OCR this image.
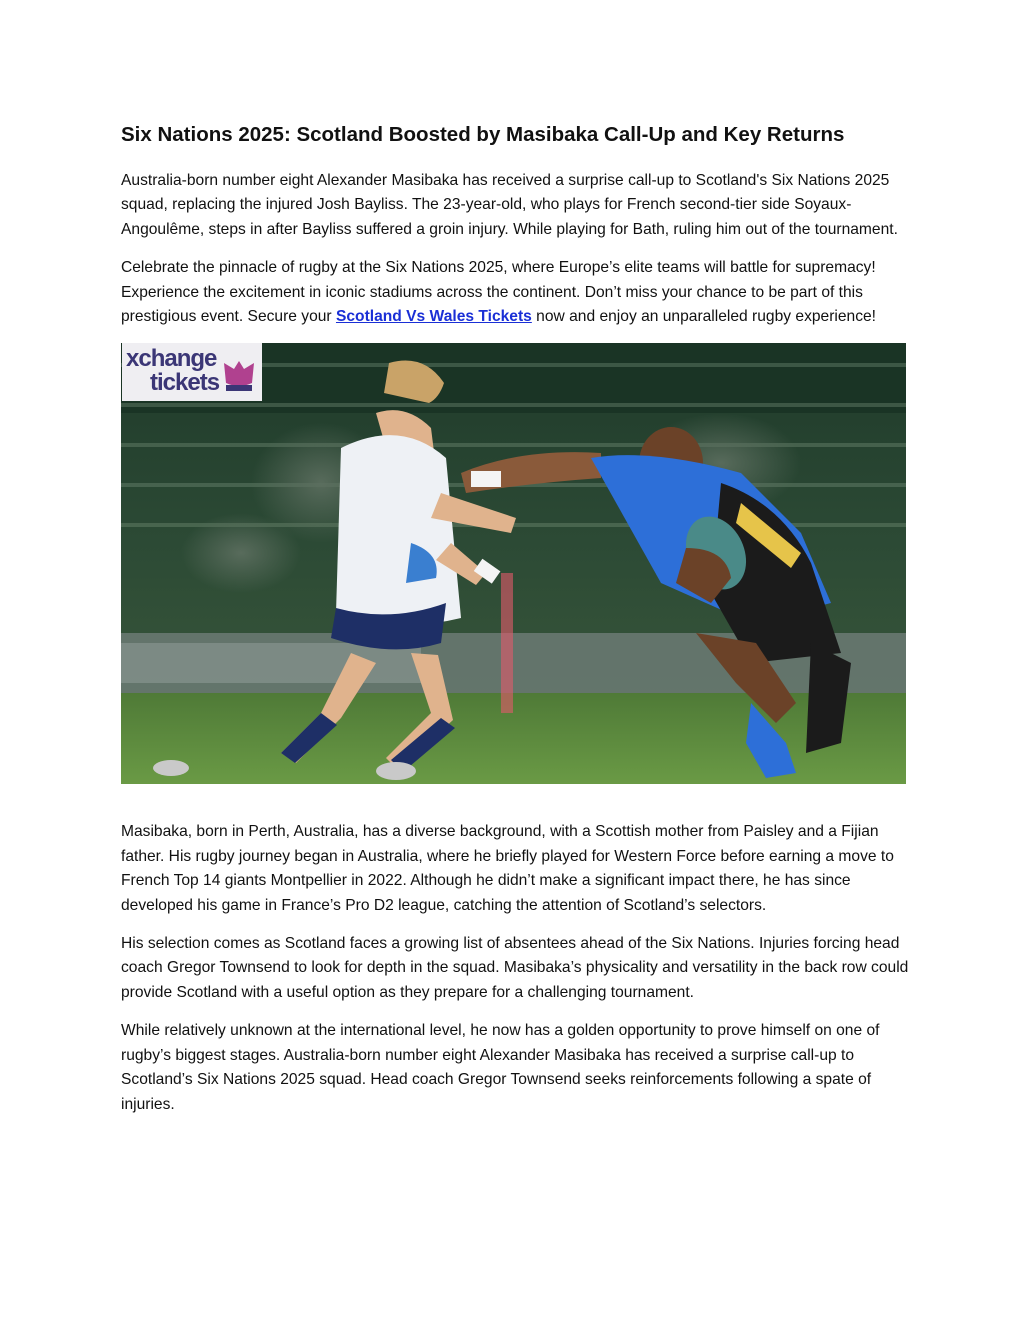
Six Nations 2025: Scotland Boosted by Masibaka Call-Up and Key Returns

Australia-born number eight Alexander Masibaka has received a surprise call-up to Scotland's Six Nations 2025 squad, replacing the injured Josh Bayliss. The 23-year-old, who plays for French second-tier side Soyaux-Angoulême, steps in after Bayliss suffered a groin injury. While playing for Bath, ruling him out of the tournament.

Celebrate the pinnacle of rugby at the Six Nations 2025, where Europe’s elite teams will battle for supremacy! Experience the excitement in iconic stadiums across the continent. Don’t miss your chance to be part of this prestigious event. Secure your Scotland Vs Wales Tickets now and enjoy an unparalleled rugby experience!

xchange
tickets

Masibaka, born in Perth, Australia, has a diverse background, with a Scottish mother from Paisley and a Fijian father. His rugby journey began in Australia, where he briefly played for Western Force before earning a move to French Top 14 giants Montpellier in 2022. Although he didn’t make a significant impact there, he has since developed his game in France’s Pro D2 league, catching the attention of Scotland’s selectors.

His selection comes as Scotland faces a growing list of absentees ahead of the Six Nations. Injuries forcing head coach Gregor Townsend to look for depth in the squad. Masibaka’s physicality and versatility in the back row could provide Scotland with a useful option as they prepare for a challenging tournament.

While relatively unknown at the international level, he now has a golden opportunity to prove himself on one of rugby’s biggest stages. Australia-born number eight Alexander Masibaka has received a surprise call-up to Scotland’s Six Nations 2025 squad. Head coach Gregor Townsend seeks reinforcements following a spate of injuries.
